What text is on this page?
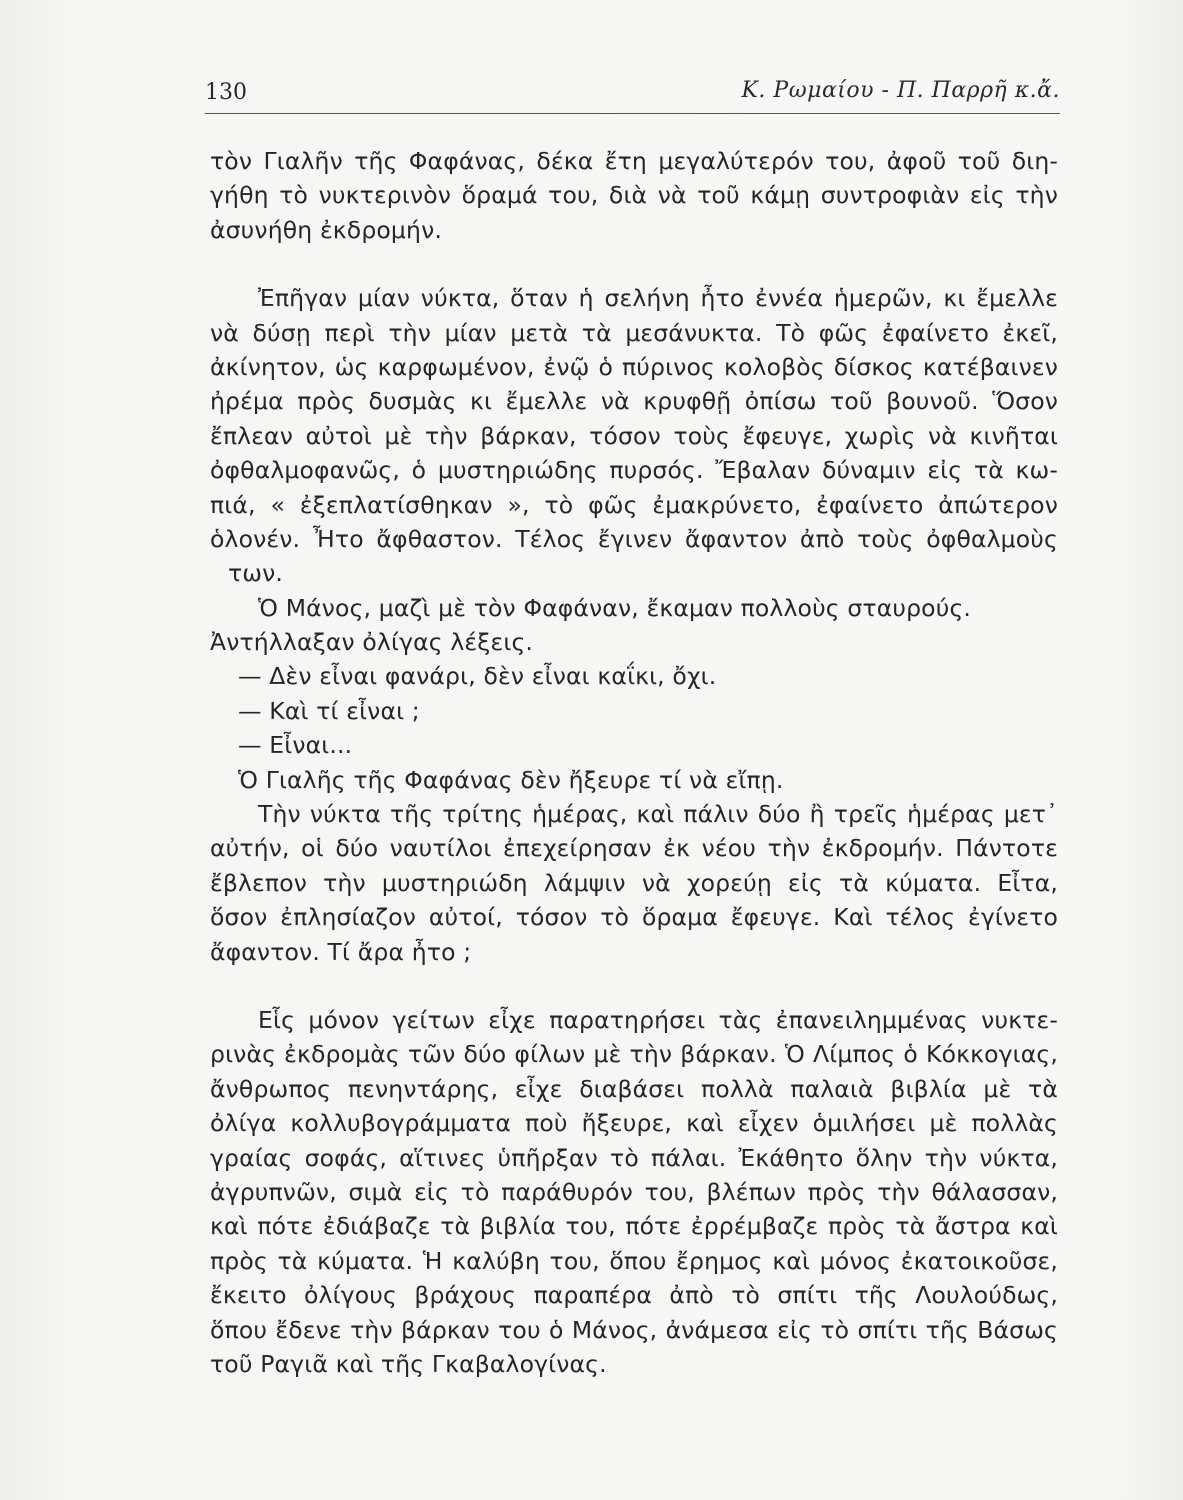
130	Κ. Ρωμαίου - Π. Παρρῆ κ.ἄ.
τὸν Γιαλῆν τῆς Φαφάνας, δέκα ἔτη μεγαλύτερόν του, ἀφοῦ τοῦ διη-
γήθη τὸ νυκτερινὸν ὅραμά του, διὰ νὰ τοῦ κάμῃ συντροφιὰν εἰς τὴν
ἀσυνήθη ἐκδρομήν.
Ἐπῆγαν μίαν νύκτα, ὅταν ἡ σελήνη ἦτο ἐννέα ἡμερῶν, κι ἔμελλε
νὰ δύσῃ περὶ τὴν μίαν μετὰ τὰ μεσάνυκτα. Τὸ φῶς ἐφαίνετο ἐκεῖ,
ἀκίνητον, ὡς καρφωμένον, ἐνῷ ὁ πύρινος κολοβὸς δίσκος κατέβαινεν
ἠρέμα πρὸς δυσμὰς κι ἔμελλε νὰ κρυφθῇ ὀπίσω τοῦ βουνοῦ. Ὅσον
ἔπλεαν αὐτοὶ μὲ τὴν βάρκαν, τόσον τοὺς ἔφευγε, χωρὶς νὰ κινῆται
ὀφθαλμοφανῶς, ὁ μυστηριώδης πυρσός. Ἔβαλαν δύναμιν εἰς τὰ κω-
πιά, « ἐξεπλατίσθηκαν », τὸ φῶς ἐμακρύνετο, ἐφαίνετο ἀπώτερον
ὁλονέν. Ἦτο ἄφθαστον. Τέλος ἔγινεν ἄφαντον ἀπὸ τοὺς ὀφθαλμοὺς
των.
Ὁ Μάνος, μαζὶ μὲ τὸν Φαφάναν, ἔκαμαν πολλοὺς σταυρούς.
Ἀντήλλαξαν ὀλίγας λέξεις.
— Δὲν εἶναι φανάρι, δὲν εἶναι καΐκι, ὄχι.
— Καὶ τί εἶναι ;
— Εἶναι...
Ὁ Γιαλῆς τῆς Φαφάνας δὲν ἤξευρε τί νὰ εἴπῃ.
Τὴν νύκτα τῆς τρίτης ἡμέρας, καὶ πάλιν δύο ἢ τρεῖς ἡμέρας μετ᾽
αὐτήν, οἱ δύο ναυτίλοι ἐπεχείρησαν ἐκ νέου τὴν ἐκδρομήν. Πάντοτε
ἔβλεπον τὴν μυστηριώδη λάμψιν νὰ χορεύῃ εἰς τὰ κύματα. Εἶτα,
ὅσον ἐπλησίαζον αὐτοί, τόσον τὸ ὅραμα ἔφευγε. Καὶ τέλος ἐγίνετο
ἄφαντον. Τί ἄρα ἦτο ;
Εἷς μόνον γείτων εἶχε παρατηρήσει τὰς ἐπανειλημμένας νυκτε-
ρινὰς ἐκδρομὰς τῶν δύο φίλων μὲ τὴν βάρκαν. Ὁ Λίμπος ὁ Κόκκογιας,
ἄνθρωπος πενηντάρης, εἶχε διαβάσει πολλὰ παλαιὰ βιβλία μὲ τὰ
ὀλίγα κολλυβογράμματα ποὺ ἤξευρε, καὶ εἶχεν ὁμιλήσει μὲ πολλὰς
γραίας σοφάς, αἵτινες ὑπῆρξαν τὸ πάλαι. Ἐκάθητο ὅλην τὴν νύκτα,
ἀγρυπνῶν, σιμὰ εἰς τὸ παράθυρόν του, βλέπων πρὸς τὴν θάλασσαν,
καὶ πότε ἐδιάβαζε τὰ βιβλία του, πότε ἐρρέμβαζε πρὸς τὰ ἄστρα καὶ
πρὸς τὰ κύματα. Ἡ καλύβη του, ὅπου ἔρημος καὶ μόνος ἐκατοικοῦσε,
ἔκειτο ὀλίγους βράχους παραπέρα ἀπὸ τὸ σπίτι τῆς Λουλούδως,
ὅπου ἔδενε τὴν βάρκαν του ὁ Μάνος, ἀνάμεσα εἰς τὸ σπίτι τῆς Βάσως
τοῦ Ραγιᾶ καὶ τῆς Γκαβαλογίνας.
